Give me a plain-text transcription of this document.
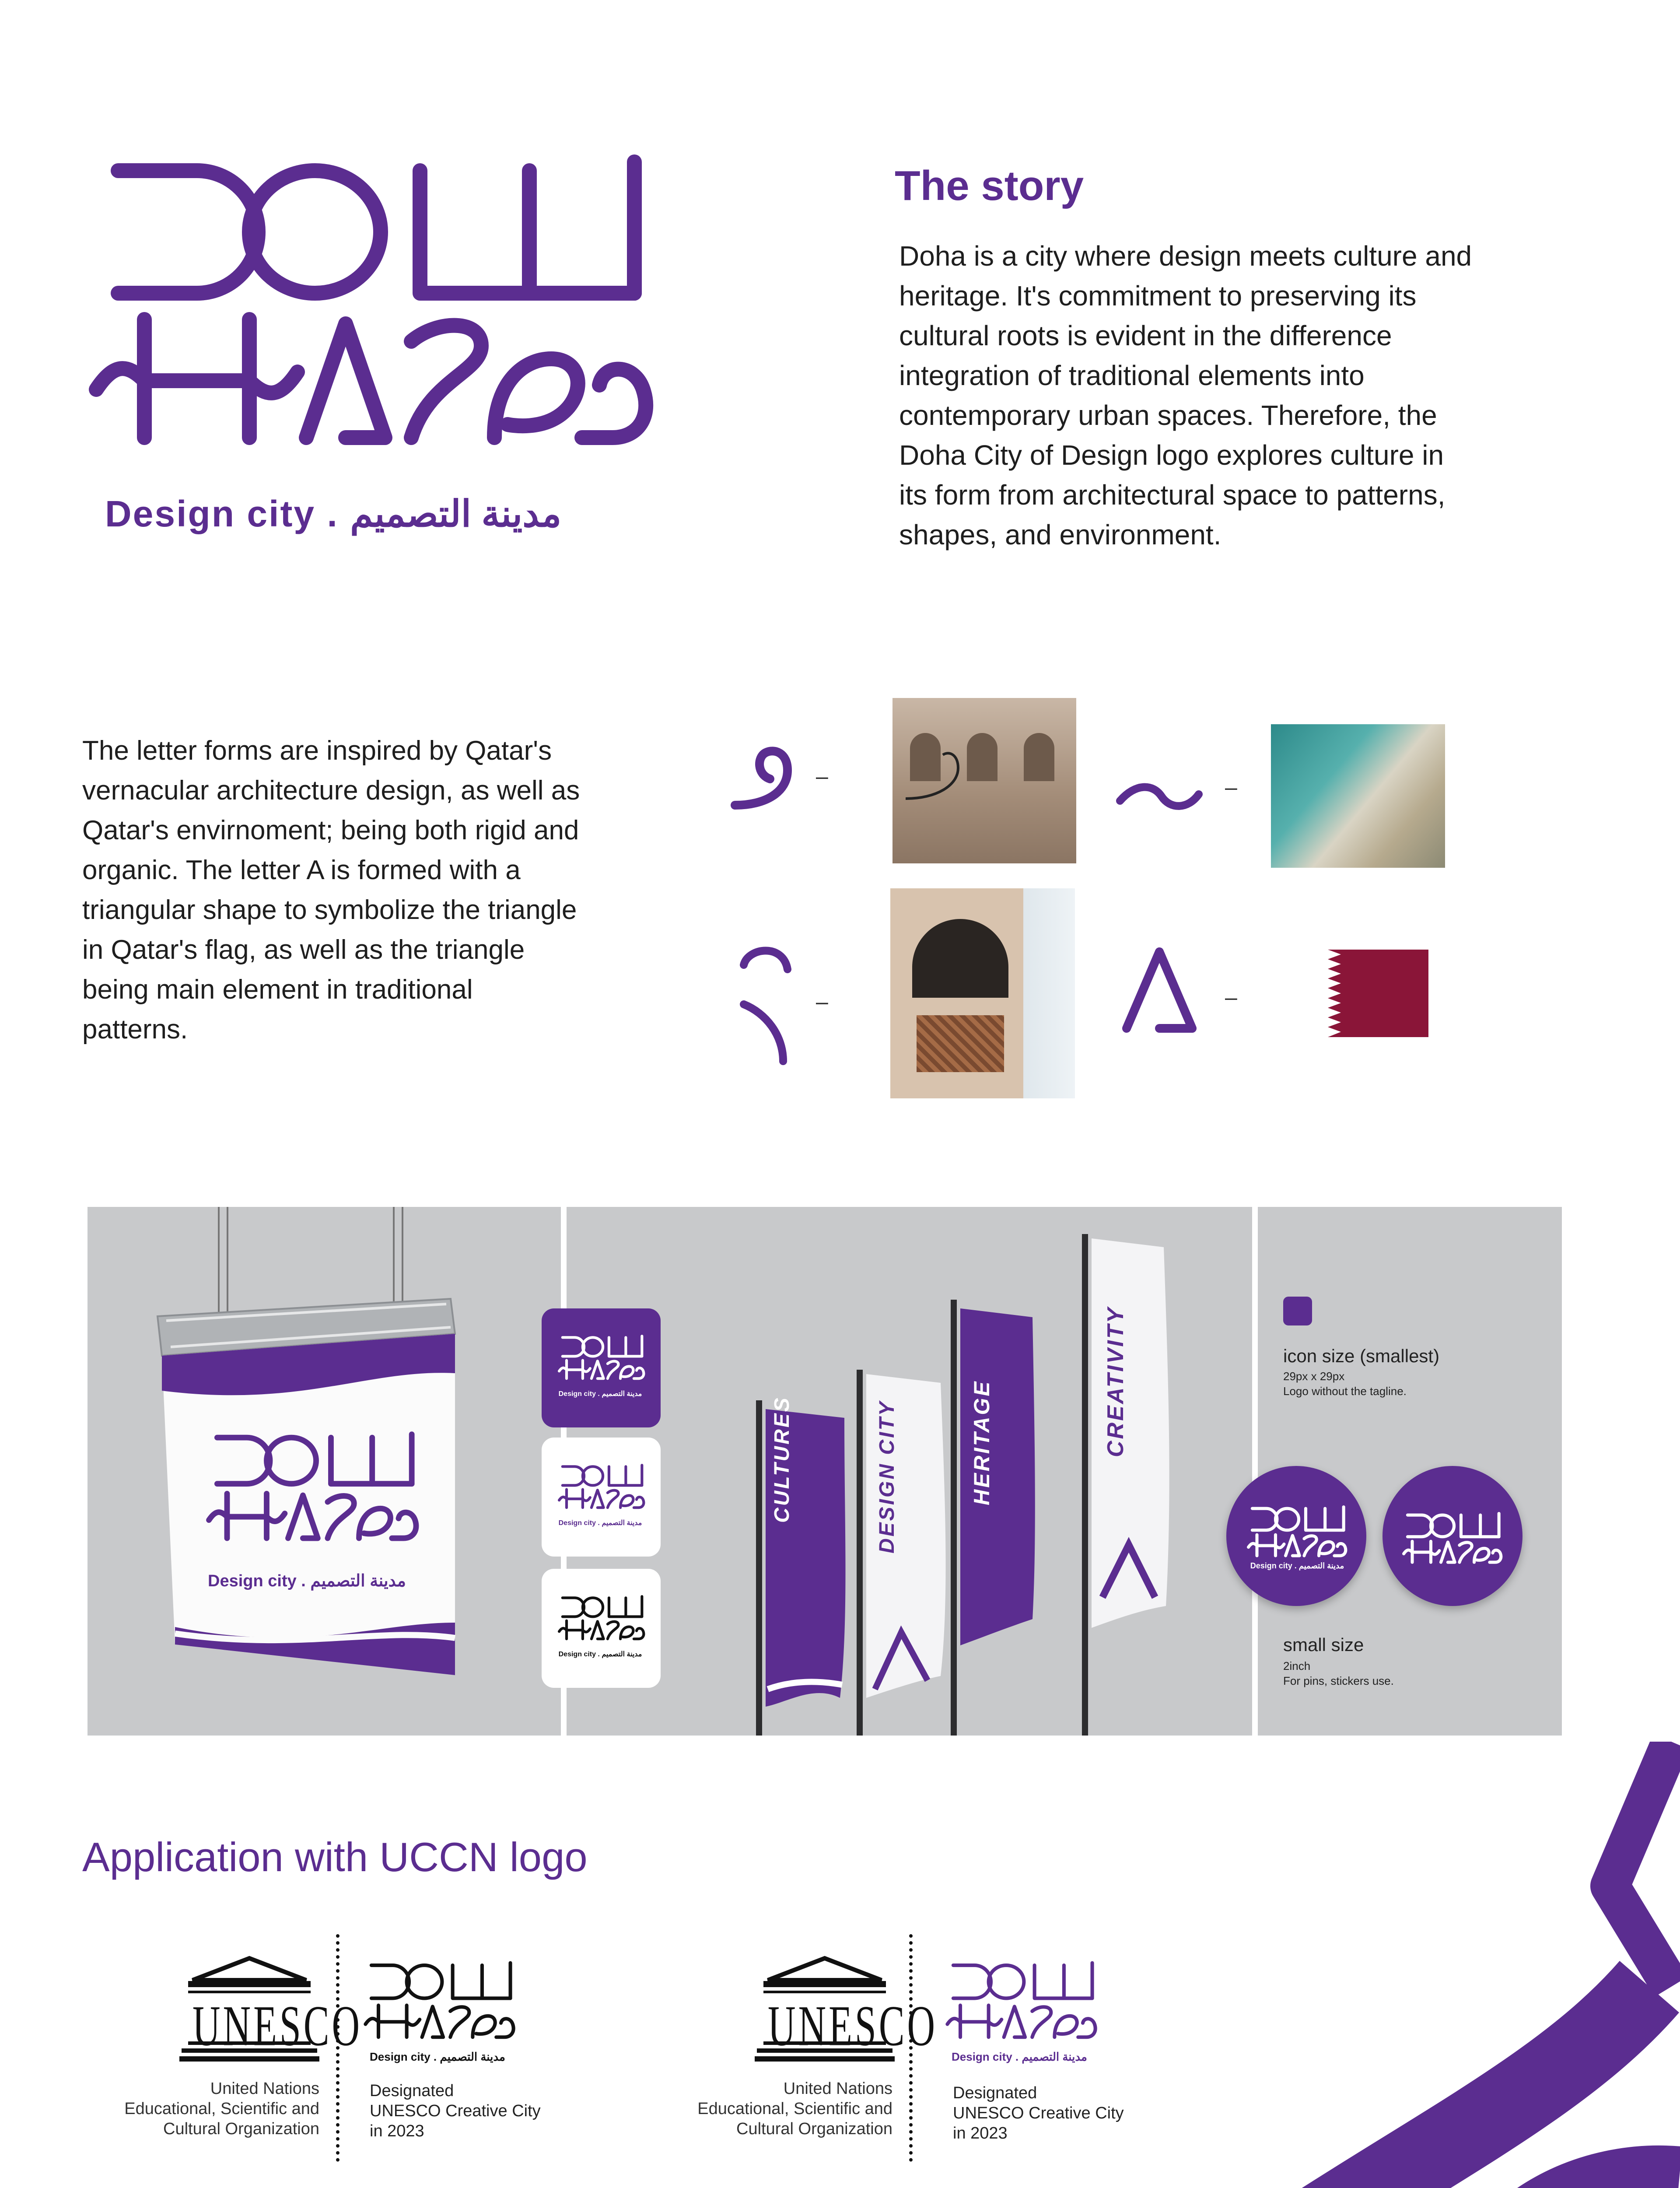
Design city . مدينة التصميم
The story
Doha is a city where design meets culture and heritage. It's commitment to preserving its cultural roots is evident in the difference integration of traditional elements into contemporary urban spaces. Therefore, the Doha City of Design logo explores culture in its form from architectural space to patterns, shapes, and environment.
The letter forms are inspired by Qatar's vernacular architecture design, as well as Qatar's envirnoment; being both rigid and organic. The letter A is formed with a triangular shape to symbolize the triangle in Qatar's flag, as well as the triangle being main element in traditional patterns.
–	–
–	–
Design city . مدينة التصميم
Design city . مدينة التصميم
Design city . مدينة التصميم
Design city . مدينة التصميم
CULTURES	DESIGN CITY	HERITAGE	CREATIVITY	icon size (smallest)
29px x 29px
Logo without the tagline.
Design city . مدينة التصميم
small size
2inch
For pins, stickers use.
Application with UCCN logo
UNESCO
United Nations
Educational, Scientific and
Cultural Organization
Design city . مدينة التصميم
Designated
UNESCO Creative City
in 2023
UNESCO
United Nations
Educational, Scientific and
Cultural Organization
Design city . مدينة التصميم
Designated
UNESCO Creative City
in 2023
